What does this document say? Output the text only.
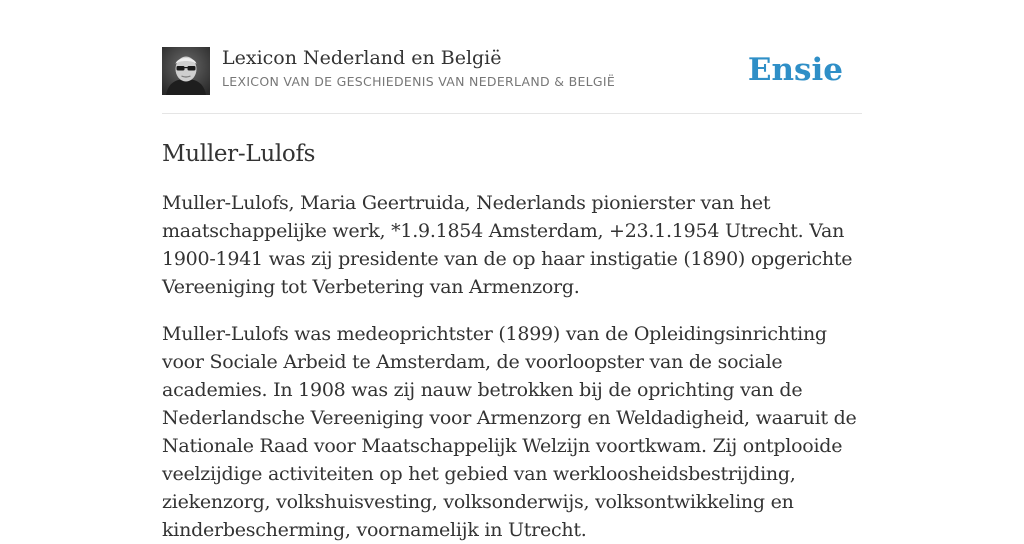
Lexicon Nederland en België
LEXICON VAN DE GESCHIEDENIS VAN NEDERLAND & BELGIË	Ensie
Muller-Lulofs

Muller-Lulofs, Maria Geertruida, Nederlands pionierster van het maatschappelijke werk, *1.9.1854 Amsterdam, +23.1.1954 Utrecht. Van 1900-1941 was zij presidente van de op haar instigatie (1890) opgerichte Vereeniging tot Verbetering van Armenzorg.

Muller-Lulofs was medeoprichtster (1899) van de Opleidingsinrichting voor Sociale Arbeid te Amsterdam, de voorloopster van de sociale academies. In 1908 was zij nauw betrokken bij de oprichting van de Nederlandsche Vereeniging voor Armenzorg en Weldadigheid, waaruit de Nationale Raad voor Maatschappelijk Welzijn voortkwam. Zij ontplooide veelzijdige activiteiten op het gebied van werkloosheidsbestrijding, ziekenzorg, volkshuisvesting, volksonderwijs, volksontwikkeling en kinderbescherming, voornamelijk in Utrecht.
